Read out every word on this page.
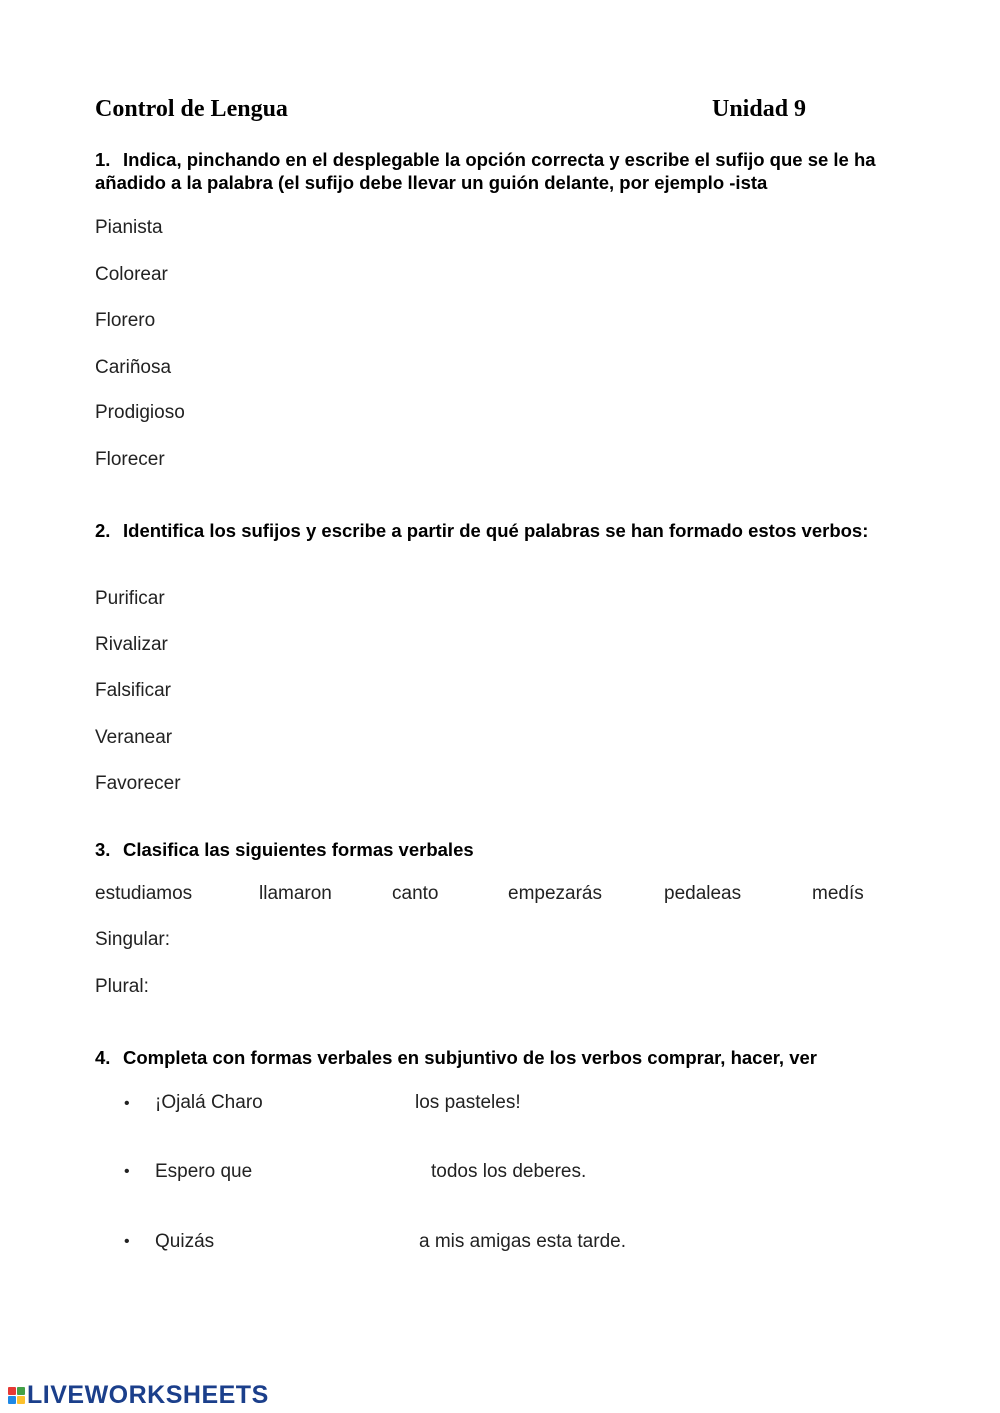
Control de Lengua	Unidad 9
1. Indica, pinchando en el desplegable la opción correcta y escribe el sufijo que se le ha añadido a la palabra (el sufijo debe llevar un guión delante, por ejemplo -ista
Pianista
Colorear
Florero
Cariñosa
Prodigioso
Florecer
2. Identifica los sufijos y escribe a partir de qué palabras se han formado estos verbos:
Purificar
Rivalizar
Falsificar
Veranear
Favorecer
3. Clasifica las siguientes formas verbales
estudiamos	llamaron	canto	empezarás	pedaleas	medís
Singular:
Plural:
4. Completa con formas verbales en subjuntivo de los verbos comprar, hacer, ver
• ¡Ojalá Charo	los pasteles!
• Espero que	todos los deberes.
• Quizás	a mis amigas esta tarde.
LIVEWORKSHEETS
